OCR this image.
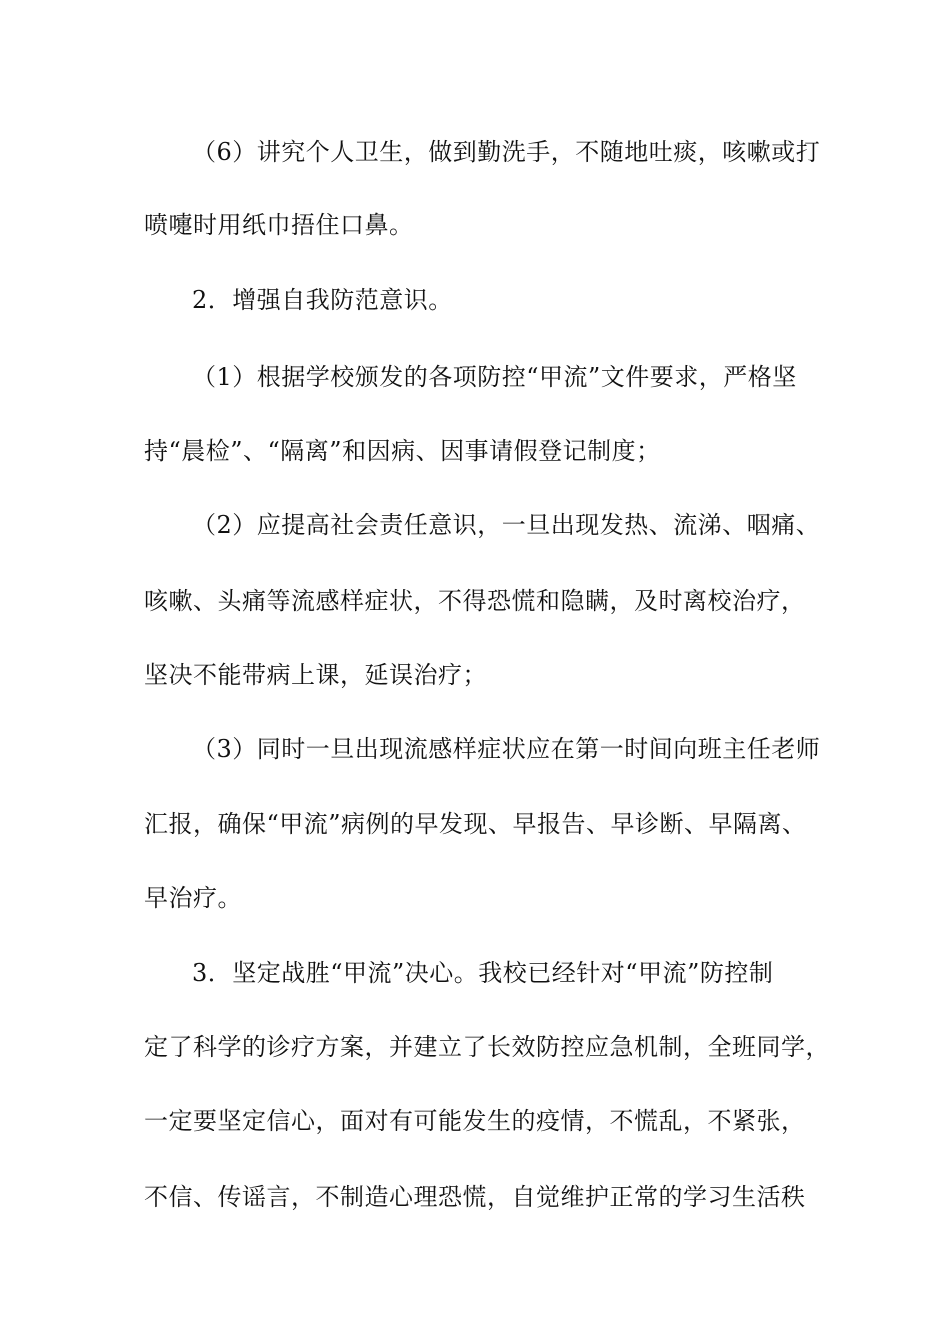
（6）讲究个人卫生，做到勤洗手，不随地吐痰，咳嗽或打
喷嚏时用纸巾捂住口鼻。
2．增强自我防范意识。
（1）根据学校颁发的各项防控“甲流”文件要求，严格坚
持“晨检”、“隔离”和因病、因事请假登记制度；
（2）应提高社会责任意识，一旦出现发热、流涕、咽痛、
咳嗽、头痛等流感样症状，不得恐慌和隐瞒，及时离校治疗，
坚决不能带病上课，延误治疗；
（3）同时一旦出现流感样症状应在第一时间向班主任老师
汇报，确保“甲流”病例的早发现、早报告、早诊断、早隔离、
早治疗。
3．坚定战胜“甲流”决心。我校已经针对“甲流”防控制
定了科学的诊疗方案，并建立了长效防控应急机制，全班同学，
一定要坚定信心，面对有可能发生的疫情，不慌乱，不紧张，
不信、传谣言，不制造心理恐慌，自觉维护正常的学习生活秩
